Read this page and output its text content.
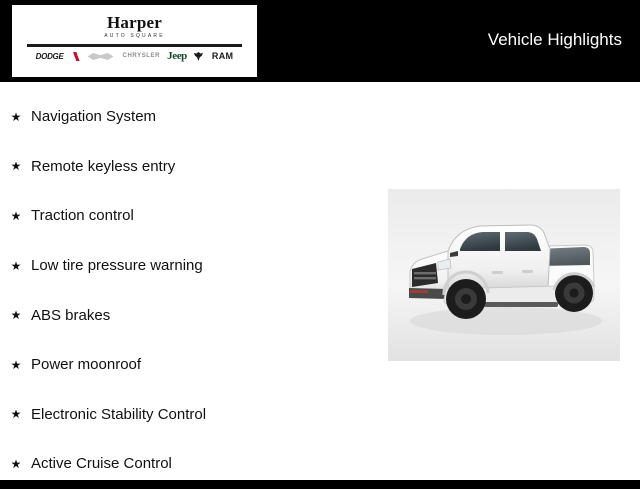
Harper
AUTO SQUARE
DODGE	CHRYSLER Jeep	RAM
Vehicle Highlights
★ Navigation System
★ Remote keyless entry
★ Traction control
★ Low tire pressure warning
★ ABS brakes
★ Power moonroof
★ Electronic Stability Control
★ Active Cruise Control
